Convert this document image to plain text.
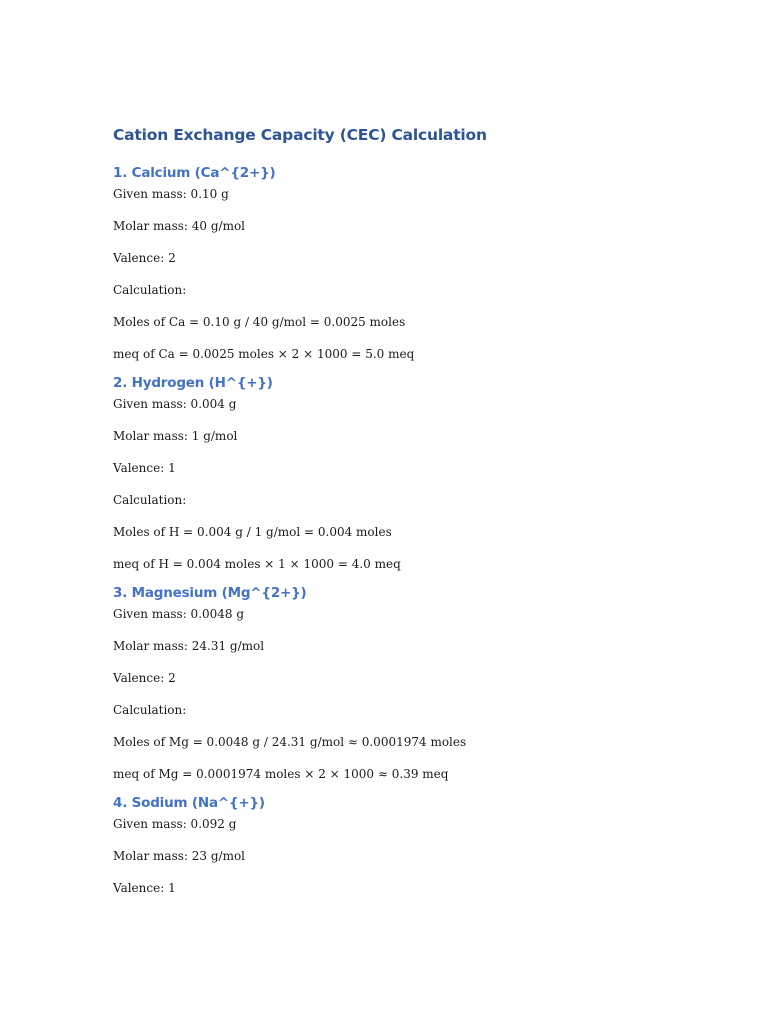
Cation Exchange Capacity (CEC) Calculation
1. Calcium (Ca^{2+})

Given mass: 0.10 g

Molar mass: 40 g/mol

Valence: 2

Calculation:

Moles of Ca = 0.10 g / 40 g/mol = 0.0025 moles

meq of Ca = 0.0025 moles × 2 × 1000 = 5.0 meq

2. Hydrogen (H^{+})

Given mass: 0.004 g

Molar mass: 1 g/mol

Valence: 1

Calculation:

Moles of H = 0.004 g / 1 g/mol = 0.004 moles

meq of H = 0.004 moles × 1 × 1000 = 4.0 meq

3. Magnesium (Mg^{2+})

Given mass: 0.0048 g

Molar mass: 24.31 g/mol

Valence: 2

Calculation:

Moles of Mg = 0.0048 g / 24.31 g/mol ≈ 0.0001974 moles

meq of Mg = 0.0001974 moles × 2 × 1000 ≈ 0.39 meq

4. Sodium (Na^{+})

Given mass: 0.092 g

Molar mass: 23 g/mol

Valence: 1
